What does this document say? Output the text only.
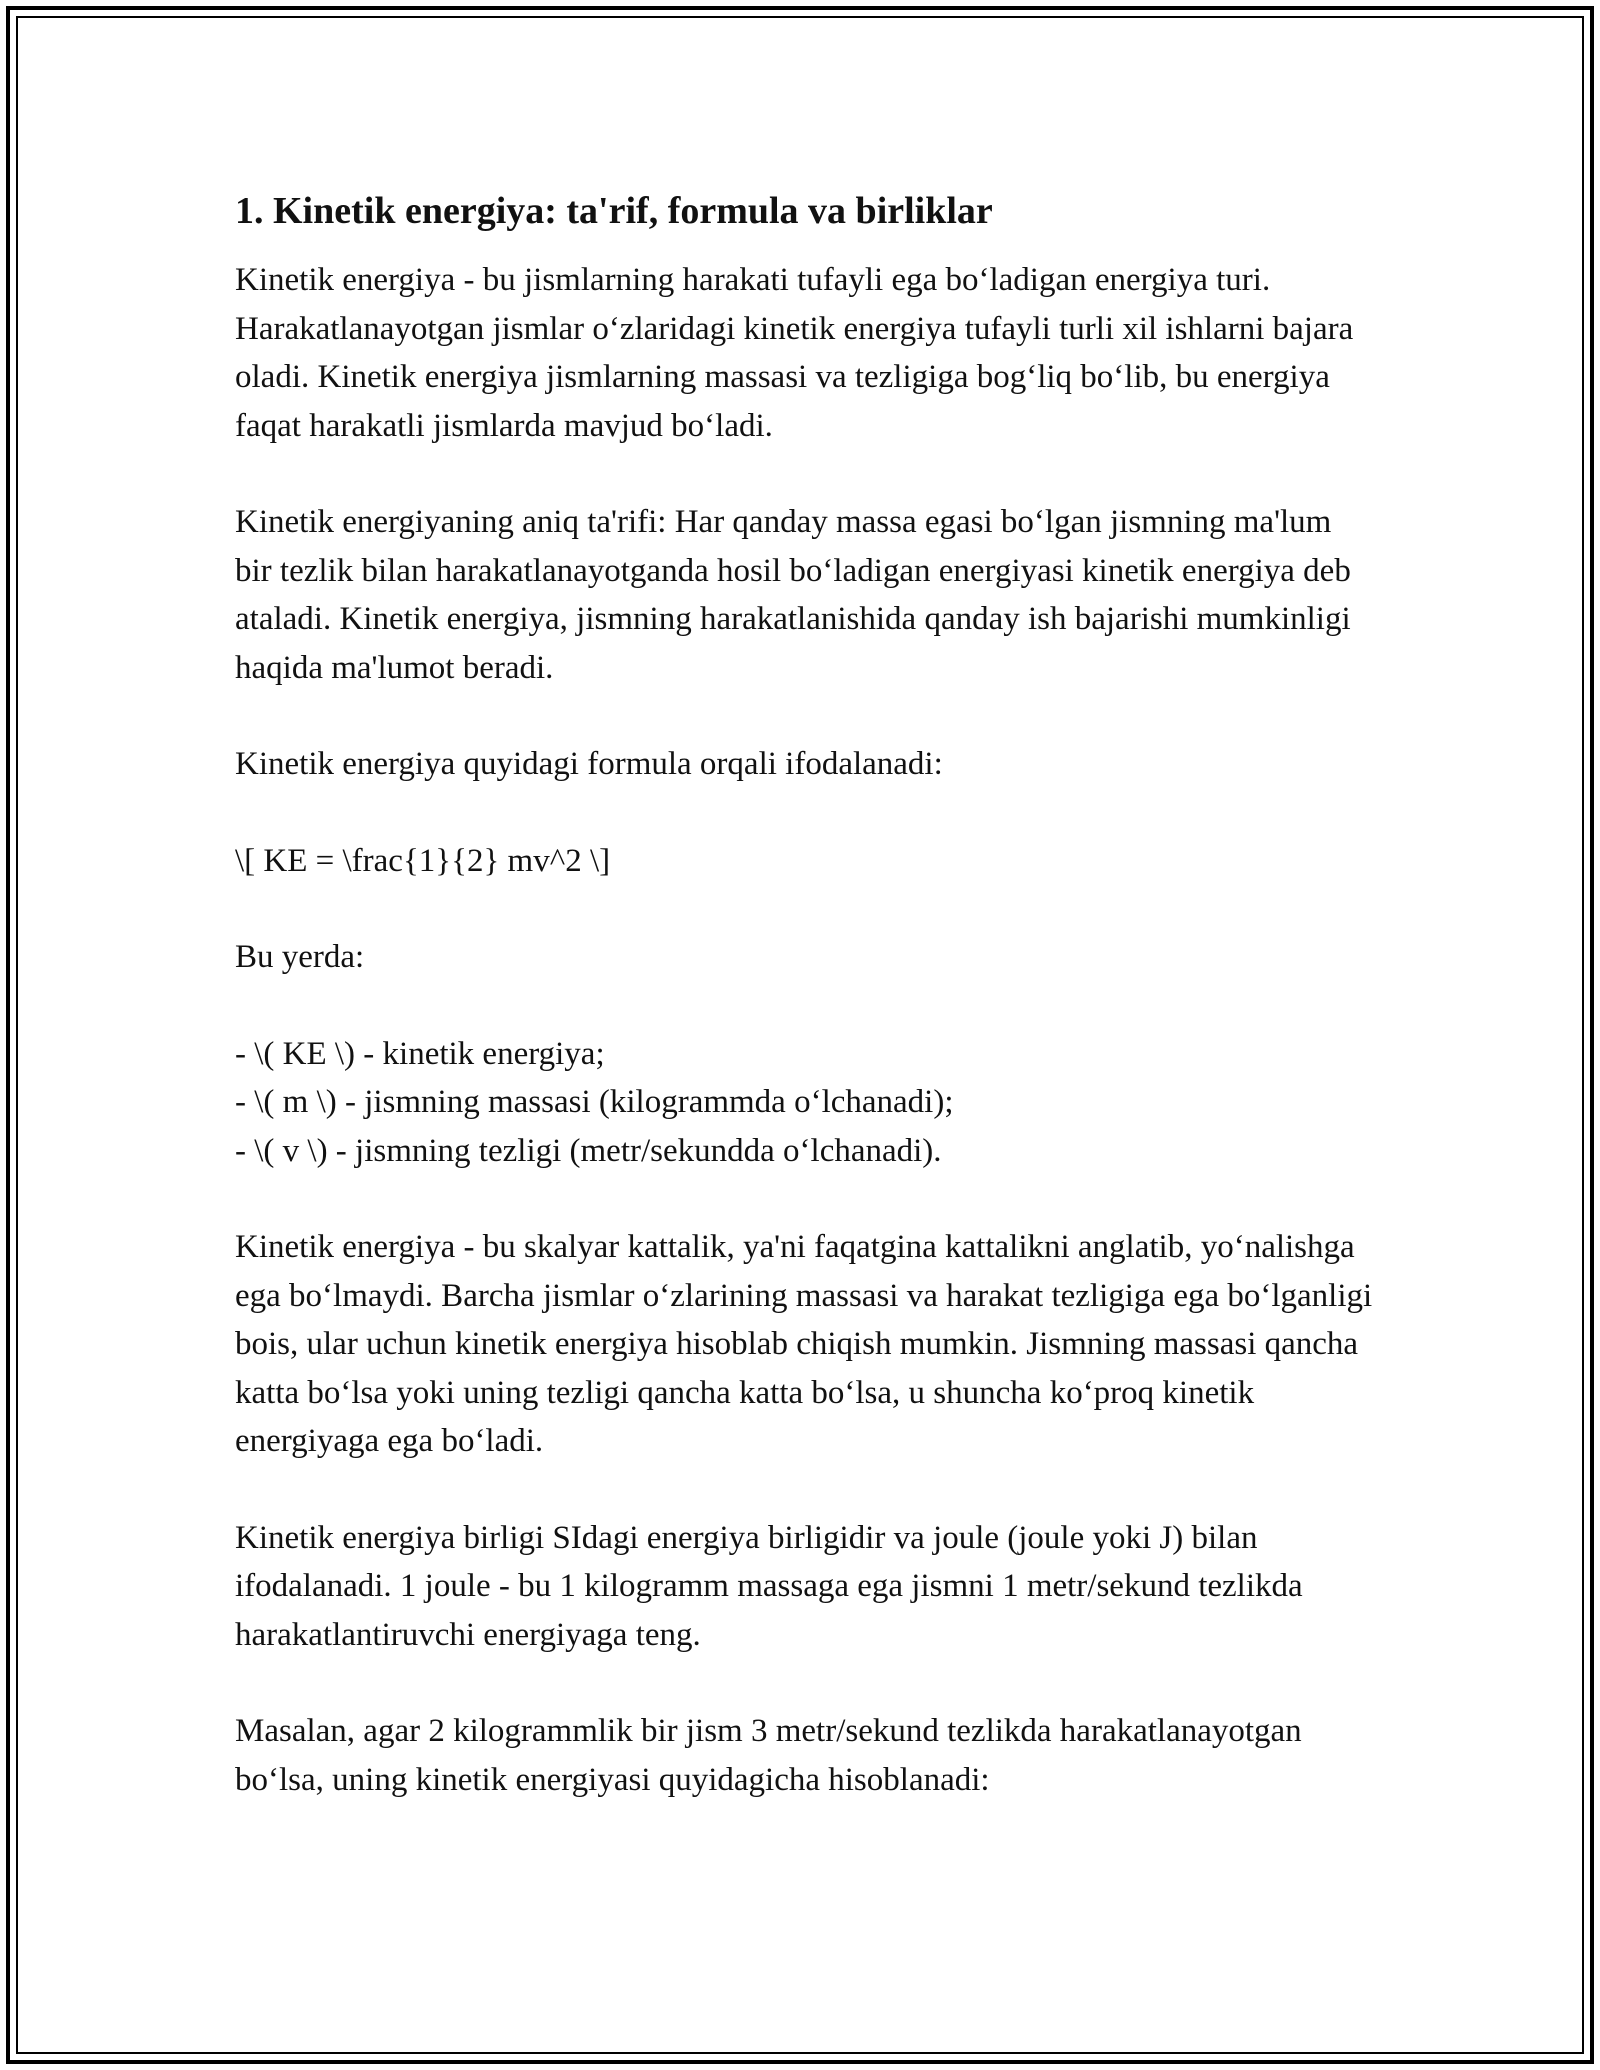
1. Kinetik energiya: ta'rif, formula va birliklar

Kinetik energiya - bu jismlarning harakati tufayli ega boʻladigan energiya turi. Harakatlanayotgan jismlar oʻzlaridagi kinetik energiya tufayli turli xil ishlarni bajara oladi. Kinetik energiya jismlarning massasi va tezligiga bogʻliq boʻlib, bu energiya faqat harakatli jismlarda mavjud boʻladi.

Kinetik energiyaning aniq ta'rifi: Har qanday massa egasi boʻlgan jismning ma'lum bir tezlik bilan harakatlanayotganda hosil boʻladigan energiyasi kinetik energiya deb ataladi. Kinetik energiya, jismning harakatlanishida qanday ish bajarishi mumkinligi haqida ma'lumot beradi.

Kinetik energiya quyidagi formula orqali ifodalanadi:

\[ KE = \frac{1}{2} mv^2 \]

Bu yerda:

- \( KE \) - kinetik energiya;

- \( m \) - jismning massasi (kilogrammda oʻlchanadi);

- \( v \) - jismning tezligi (metr/sekundda oʻlchanadi).

Kinetik energiya - bu skalyar kattalik, ya'ni faqatgina kattalikni anglatib, yoʻnalishga ega boʻlmaydi. Barcha jismlar oʻzlarining massasi va harakat tezligiga ega boʻlganligi bois, ular uchun kinetik energiya hisoblab chiqish mumkin. Jismning massasi qancha katta boʻlsa yoki uning tezligi qancha katta boʻlsa, u shuncha koʻproq kinetik energiyaga ega boʻladi.

Kinetik energiya birligi SIdagi energiya birligidir va joule (joule yoki J) bilan ifodalanadi. 1 joule - bu 1 kilogramm massaga ega jismni 1 metr/sekund tezlikda harakatlantiruvchi energiyaga teng.

Masalan, agar 2 kilogrammlik bir jism 3 metr/sekund tezlikda harakatlanayotgan boʻlsa, uning kinetik energiyasi quyidagicha hisoblanadi:
